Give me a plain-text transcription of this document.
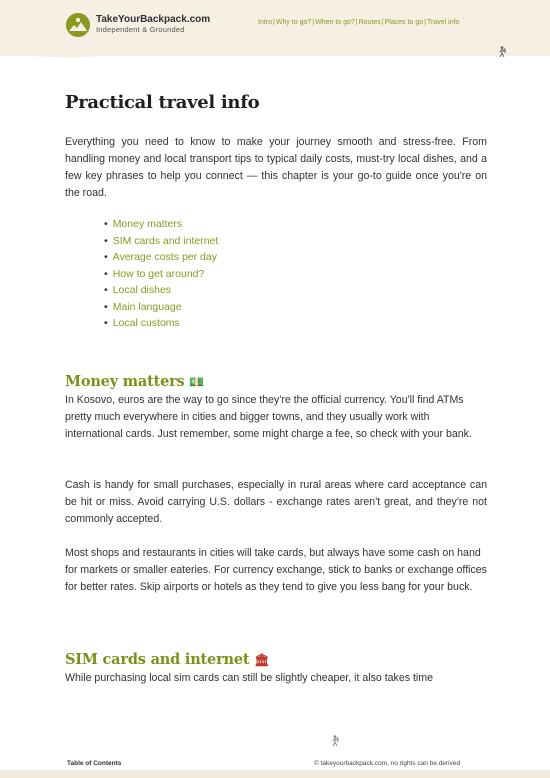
TakeYourBackpack.com
Independent & Grounded
Intro|Why to go?|When to go?|Routes|Places to go|Travel info
Practical travel info

Everything you need to know to make your journey smooth and stress-free. From handling money and local transport tips to typical daily costs, must-try local dishes, and a few key phrases to help you connect — this chapter is your go-to guide once you're on the road.

• Money matters
• SIM cards and internet
• Average costs per day
• How to get around?
• Local dishes
• Main language
• Local customs
Money matters 💵

In Kosovo, euros are the way to go since they're the official currency. You'll find ATMs pretty much everywhere in cities and bigger towns, and they usually work with international cards. Just remember, some might charge a fee, so check with your bank.

Cash is handy for small purchases, especially in rural areas where card acceptance can be hit or miss. Avoid carrying U.S. dollars - exchange rates aren't great, and they're not commonly accepted.

Most shops and restaurants in cities will take cards, but always have some cash on hand for markets or smaller eateries. For currency exchange, stick to banks or exchange offices for better rates. Skip airports or hotels as they tend to give you less bang for your buck.

SIM cards and internet 🏛

While purchasing local sim cards can still be slightly cheaper, it also takes time

Table of Contents	© takeyourbackpack.com, no rights can be derived
